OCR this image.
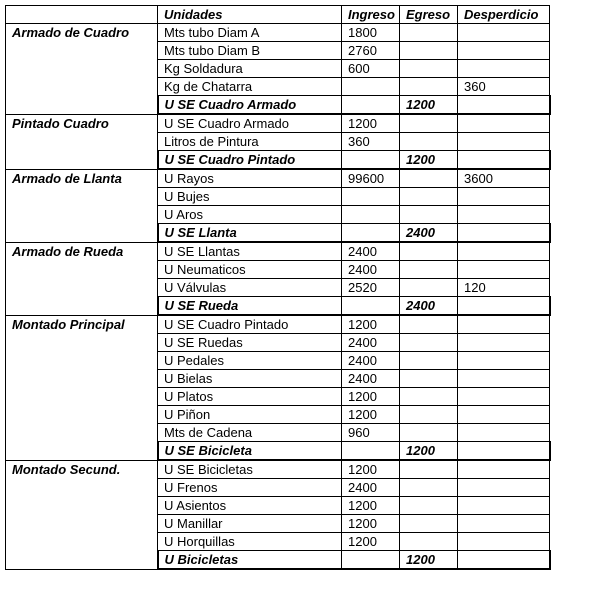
	Unidades	Ingreso	Egreso	Desperdicio
Armado de Cuadro	Mts tubo Diam A	1800		
	Mts tubo Diam B	2760		
	Kg Soldadura	600		
	Kg de Chatarra			360
	U SE Cuadro Armado		1200	
Pintado Cuadro	U SE Cuadro Armado	1200		
	Litros de Pintura	360		
	U SE Cuadro Pintado		1200	
Armado de Llanta	U Rayos	99600		3600
	U Bujes			
	U Aros			
	U SE Llanta		2400	
Armado de Rueda	U SE Llantas	2400		
	U Neumaticos	2400		
	U Válvulas	2520		120
	U SE Rueda		2400	
Montado Principal	U SE Cuadro Pintado	1200		
	U SE Ruedas	2400		
	U Pedales	2400		
	U Bielas	2400		
	U Platos	1200		
	U Piñon	1200		
	Mts de Cadena	960		
	U SE Bicicleta		1200	
Montado Secund.	U SE Bicicletas	1200		
	U Frenos	2400		
	U Asientos	1200		
	U Manillar	1200		
	U Horquillas	1200		
	U Bicicletas		1200	
